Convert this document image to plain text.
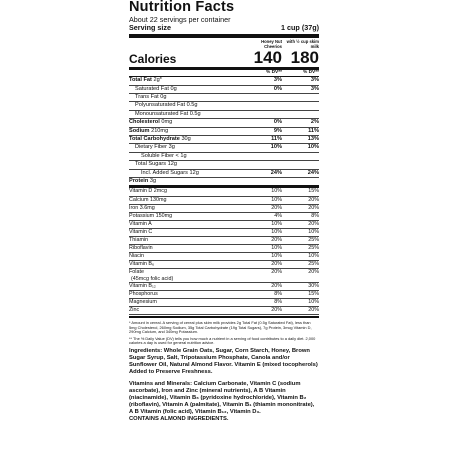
Nutrition Facts
About 22 servings per container
Serving size	1 cup (37g)
Honey Nut Cheerios
with ½ cup skim milk
Calories	140 180
% DV**	% DV**
Total Fat 2g*	3%	3%
Saturated Fat 0g	0%	3%
Trans Fat 0g
Polyunsaturated Fat 0.5g
Monounsaturated Fat 0.5g
Cholesterol 0mg	0%	2%
Sodium 210mg	9%	11%
Total Carbohydrate 30g	11%	13%
Dietary Fiber 3g	10%	10%
Soluble Fiber < 1g
Total Sugars 12g
Incl. Added Sugars 12g	24%	24%
Protein 3g
Vitamin D 2mcg	10%	15%
Calcium 130mg	10%	20%
Iron 3.6mg	20%	20%
Potassium 150mg	4%	8%
Vitamin A	10%	20%
Vitamin C	10%	10%
Thiamin	20%	25%
Riboflavin	10%	25%
Niacin	10%	10%
Vitamin B₆	20%	25%
Folate
(45mcg folic acid)
20%	20%
Vitamin B₁₂	20%	30%
Phosphorus	8%	15%
Magnesium	8%	10%
Zinc	20%	20%

* Amount in cereal. A serving of cereal plus skim milk provides 2g Total Fat (0.5g Saturated Fat), less than 5mg Cholesterol, 260mg Sodium, 35g Total Carbohydrate (19g Total Sugars), 7g Protein, 3mcg Vitamin D, 290mg Calcium, and 340mg Potassium.

** The % Daily Value (DV) tells you how much a nutrient in a serving of food contributes to a daily diet. 2,000 calories a day is used for general nutrition advice.

Ingredients: Whole Grain Oats, Sugar, Corn Starch, Honey, Brown Sugar Syrup, Salt, Tripotassium Phosphate, Canola and/or Sunflower Oil, Natural Almond Flavor. Vitamin E (mixed tocopherols) Added to Preserve Freshness.

Vitamins and Minerals: Calcium Carbonate, Vitamin C (sodium ascorbate), Iron and Zinc (mineral nutrients), A B Vitamin (niacinamide), Vitamin B₆ (pyridoxine hydrochloride), Vitamin B₂ (riboflavin), Vitamin A (palmitate), Vitamin B₁ (thiamin mononitrate), A B Vitamin (folic acid), Vitamin B₁₂, Vitamin D₃.

CONTAINS ALMOND INGREDIENTS.
